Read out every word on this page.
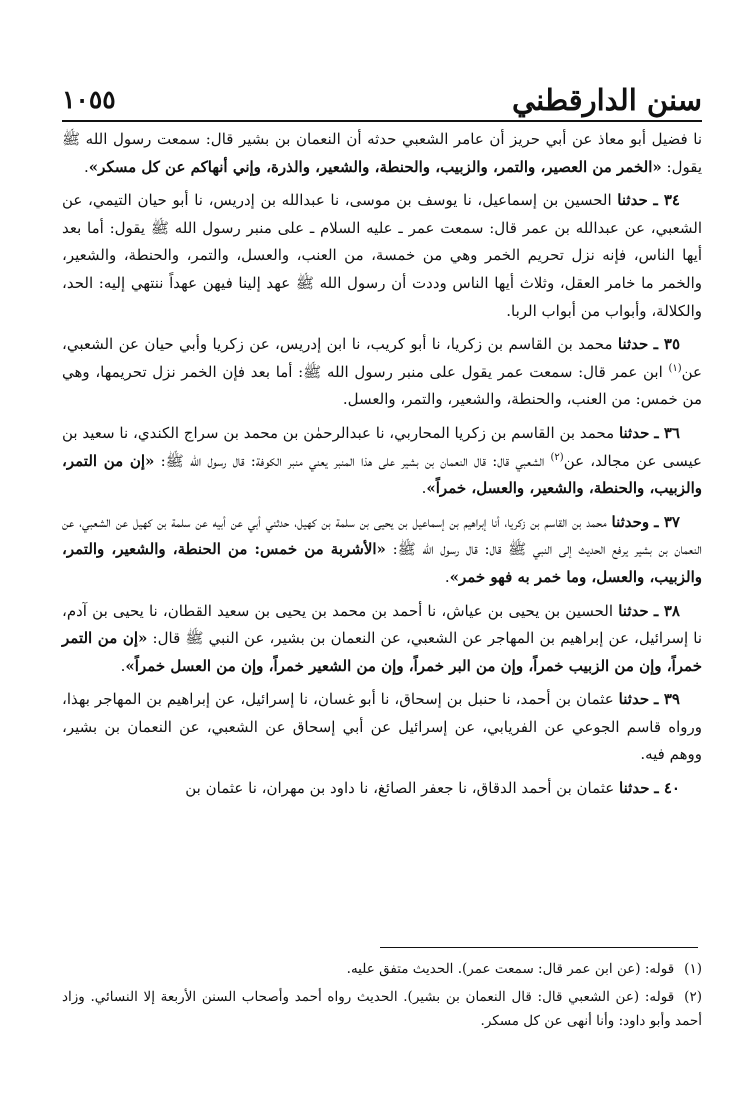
سنن الدارقطني
١٠٥٥

نا فضيل أبو معاذ عن أبي حريز أن عامر الشعبي حدثه أن النعمان بن بشير قال: سمعت رسول الله ﷺ يقول: «الخمر من العصير، والتمر، والزبيب، والحنطة، والشعير، والذرة، وإني أنهاكم عن كل مسكر».

٣٤ ـ حدثنا الحسين بن إسماعيل، نا يوسف بن موسى، نا عبدالله بن إدريس، نا أبو حيان التيمي، عن الشعبي، عن عبدالله بن عمر قال: سمعت عمر ـ عليه السلام ـ على منبر رسول الله ﷺ يقول: أما بعد أيها الناس، فإنه نزل تحريم الخمر وهي من خمسة، من العنب، والعسل، والتمر، والحنطة، والشعير، والخمر ما خامر العقل، وثلاث أيها الناس وددت أن رسول الله ﷺ عهد إلينا فيهن عهداً ننتهي إليه: الحد، والكلالة، وأبواب من أبواب الربا.

٣٥ ـ حدثنا محمد بن القاسم بن زكريا، نا أبو كريب، نا ابن إدريس، عن زكريا وأبي حيان عن الشعبي، عن$^{(١)}$ ابن عمر قال: سمعت عمر يقول على منبر رسول الله ﷺ: أما بعد فإن الخمر نزل تحريمها، وهي من خمس: من العنب، والحنطة، والشعير، والتمر، والعسل.

٣٦ ـ حدثنا محمد بن القاسم بن زكريا المحاربي، نا عبدالرحمٰن بن محمد بن سراج الكندي، نا سعيد بن عيسى عن مجالد، عن$^{(٢)}$ الشعبي قال: قال النعمان بن بشير على هذا المنبر يعني منبر الكوفة: قال رسول الله ﷺ: «إن من التمر، والزبيب، والحنطة، والشعير، والعسل، خمراً».

٣٧ ـ وحدثنا محمد بن القاسم بن زكريا، أنا إبراهيم بن إسماعيل بن يحيى بن سلمة بن كهيل، حدثني أبي عن أبيه عن سلمة بن كهيل عن الشعبي، عن النعمان بن بشير يرفع الحديث إلى النبي ﷺ قال: قال رسول الله ﷺ: «الأشربة من خمس: من الحنطة، والشعير، والتمر، والزبيب، والعسل، وما خمر به فهو خمر».

٣٨ ـ حدثنا الحسين بن يحيى بن عياش، نا أحمد بن محمد بن يحيى بن سعيد القطان، نا يحيى بن آدم، نا إسرائيل، عن إبراهيم بن المهاجر عن الشعبي، عن النعمان بن بشير، عن النبي ﷺ قال: «إن من التمر خمراً، وإن من الزبيب خمراً، وإن من البر خمراً، وإن من الشعير خمراً، وإن من العسل خمراً».

٣٩ ـ حدثنا عثمان بن أحمد، نا حنبل بن إسحاق، نا أبو غسان، نا إسرائيل، عن إبراهيم بن المهاجر بهذا، ورواه قاسم الجوعي عن الفريابي، عن إسرائيل عن أبي إسحاق عن الشعبي، عن النعمان بن بشير، ووهم فيه.

٤٠ ـ حدثنا عثمان بن أحمد الدقاق، نا جعفر الصائغ، نا داود بن مهران، نا عثمان بن

(١)قوله: (عن ابن عمر قال: سمعت عمر). الحديث متفق عليه.

(٢)قوله: (عن الشعبي قال: قال النعمان بن بشير). الحديث رواه أحمد وأصحاب السنن الأربعة إلا النسائي. وزاد أحمد وأبو داود: وأنا أنهى عن كل مسكر.
